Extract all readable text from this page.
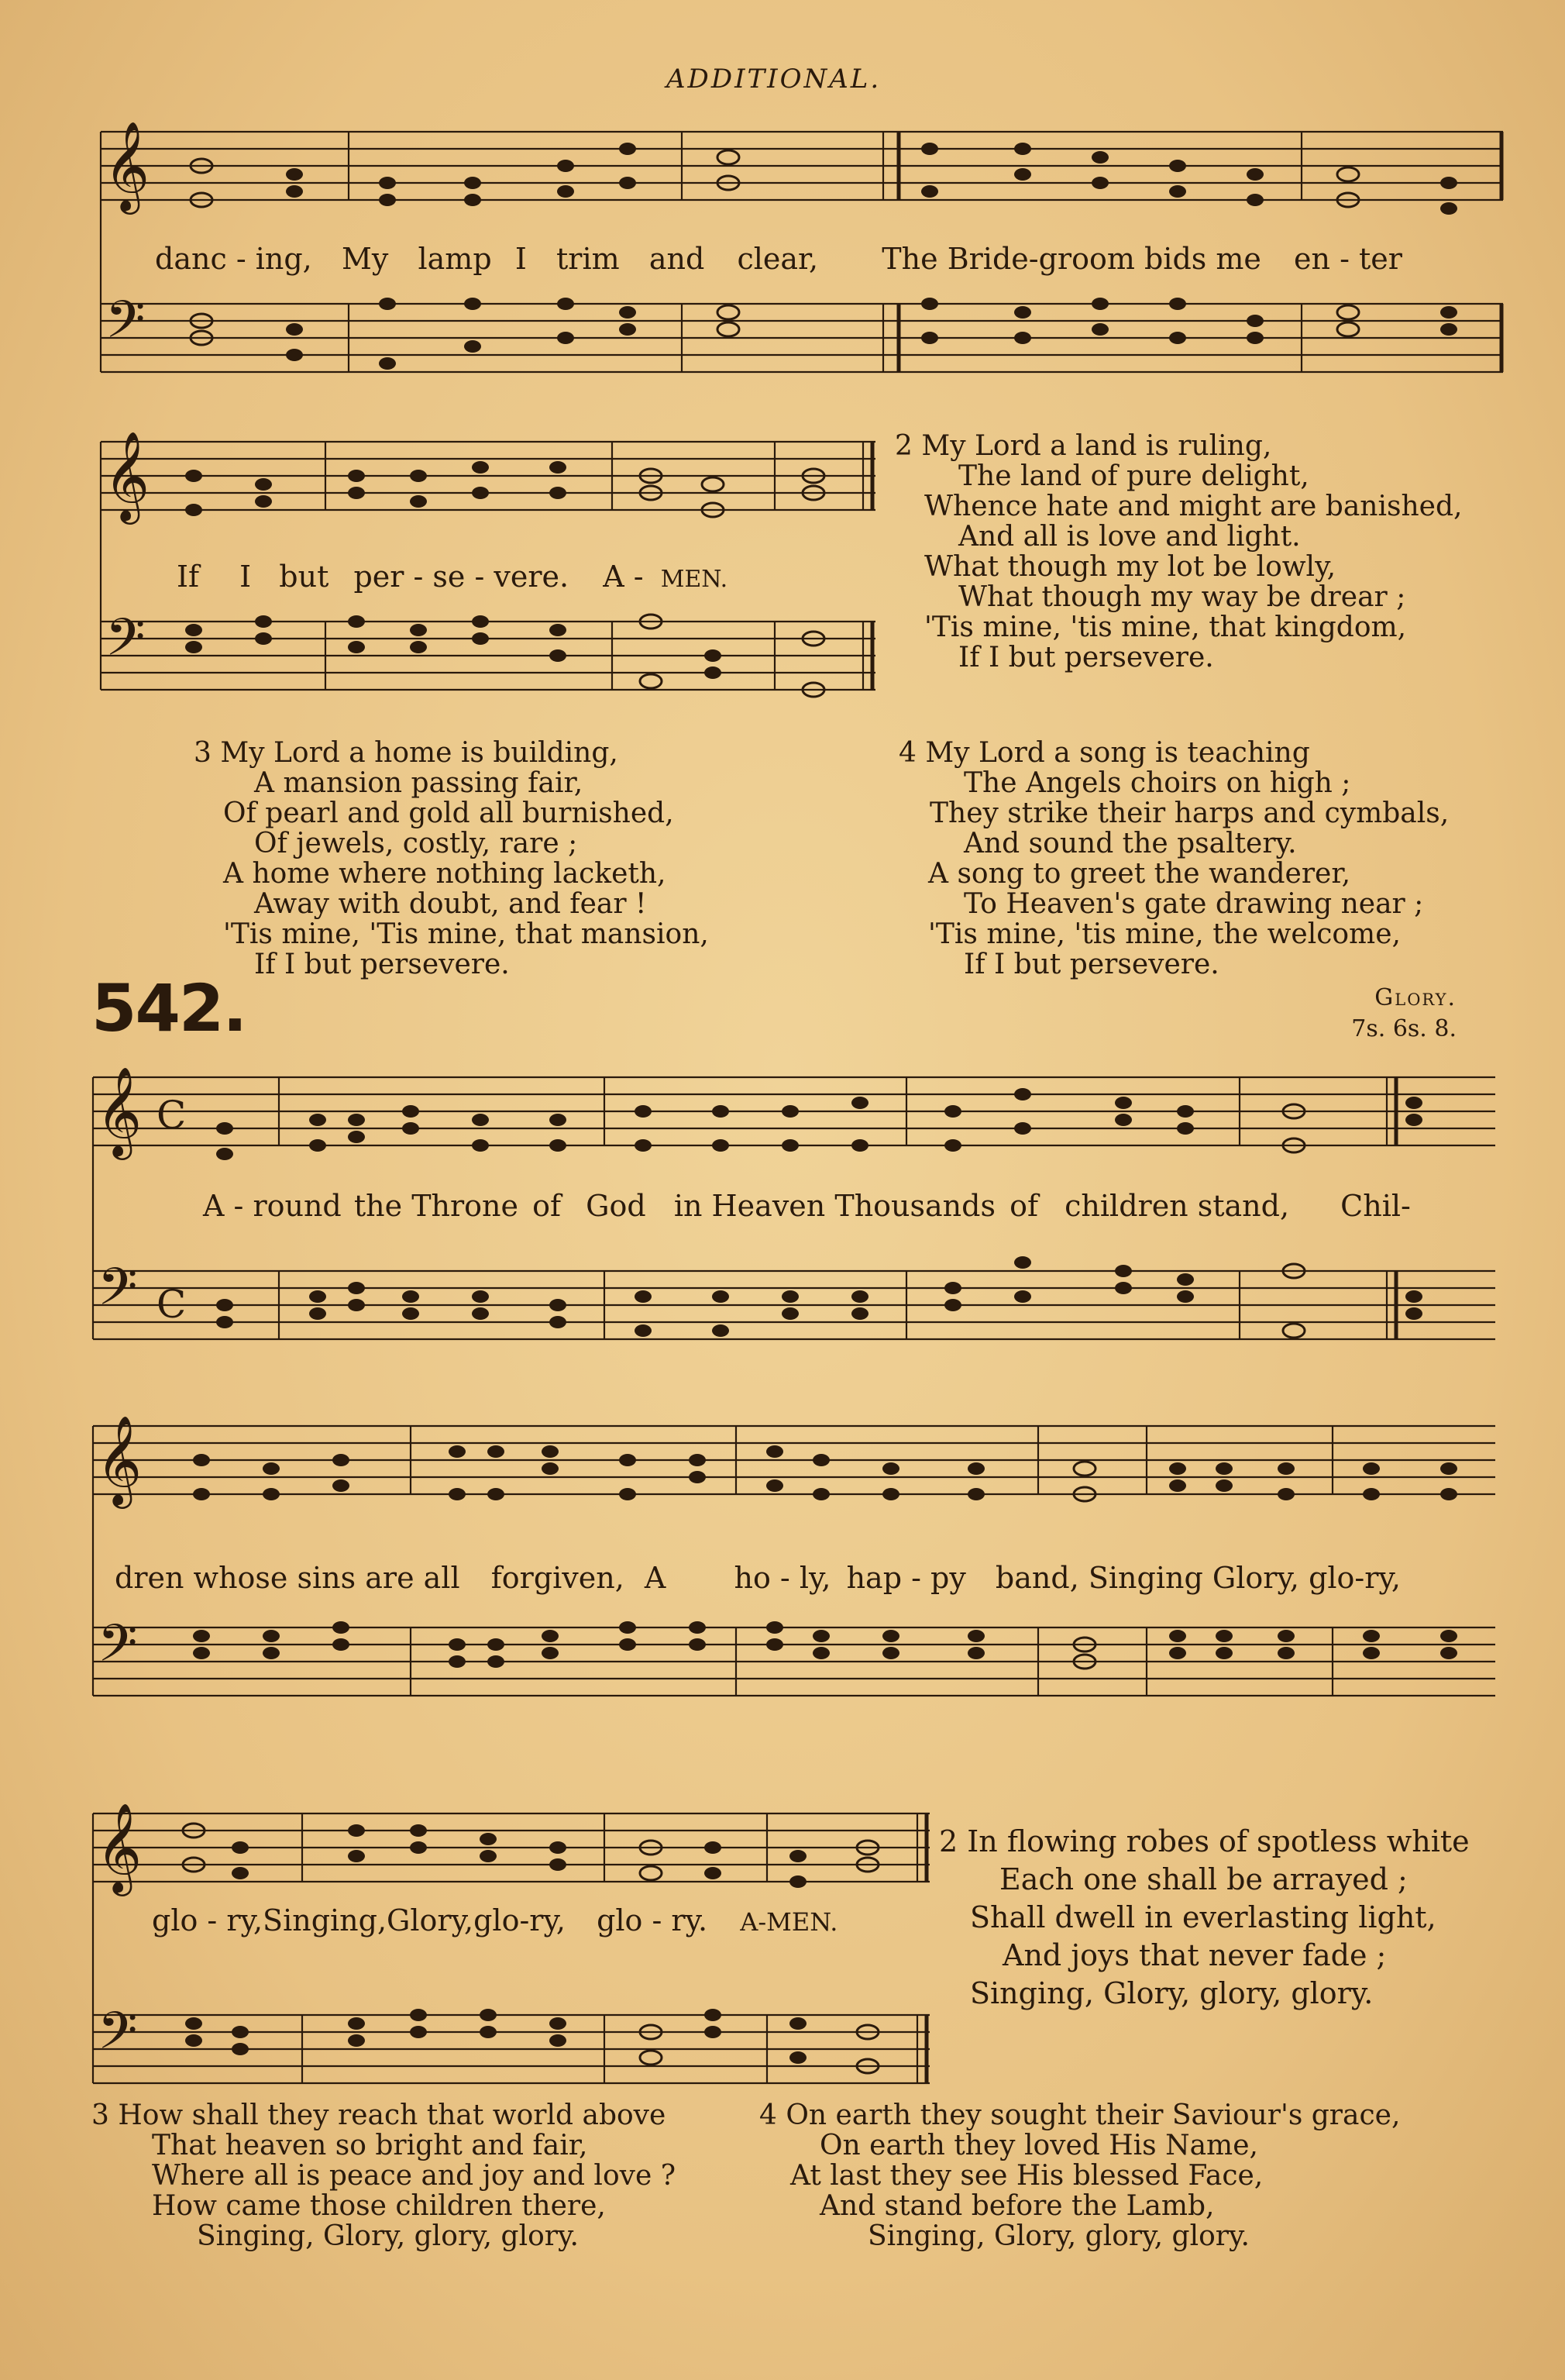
ADDITIONAL.
𝄞
𝄢
danc - ing, My lamp I trim and clear, The Bride-groom bids me en - ter
𝄞
𝄢
If I but per - se - vere. A - MEN.
2 My Lord a land is ruling,
The land of pure delight,
Whence hate and might are banished,
And all is love and light.
What though my lot be lowly,
What though my way be drear ;
'Tis mine, 'tis mine, that kingdom,
If I but persevere.
3 My Lord a home is building,
A mansion passing fair,
Of pearl and gold all burnished,
Of jewels, costly, rare ;
A home where nothing lacketh,
Away with doubt, and fear !
'Tis mine, 'Tis mine, that mansion,
If I but persevere.
4 My Lord a song is teaching
The Angels choirs on high ;
They strike their harps and cymbals,
And sound the psaltery.
A song to greet the wanderer,
To Heaven's gate drawing near ;
'Tis mine, 'tis mine, the welcome,
If I but persevere.
542.	Glory.
7s. 6s. 8.
𝄞 C
𝄢 C
A - round the Throne of God in Heaven Thousands of children stand, Chil-
𝄞
𝄢
dren whose sins are all forgiven, A ho - ly, hap - py band, Singing Glory, glo-ry,
𝄞
𝄢
glo - ry,Singing,Glory,glo-ry, glo - ry. A-MEN.
2 In flowing robes of spotless white
Each one shall be arrayed ;
Shall dwell in everlasting light,
And joys that never fade ;
Singing, Glory, glory, glory.
3 How shall they reach that world above
That heaven so bright and fair,
Where all is peace and joy and love ?
How came those children there,
Singing, Glory, glory, glory.
4 On earth they sought their Saviour's grace,
On earth they loved His Name,
At last they see His blessed Face,
And stand before the Lamb,
Singing, Glory, glory, glory.
